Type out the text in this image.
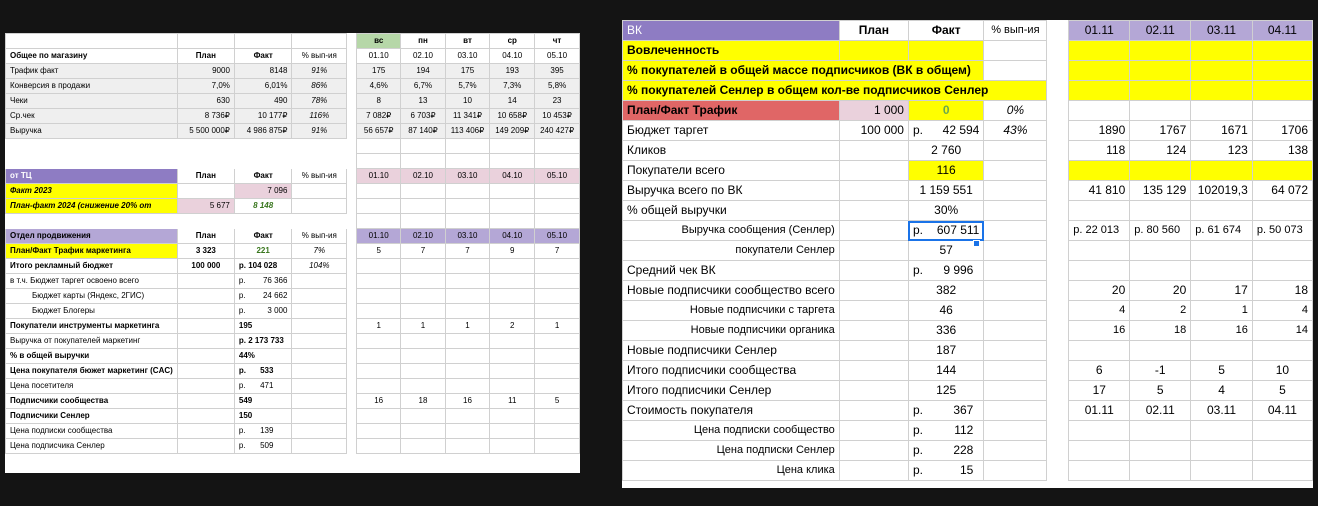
					вс	пн	вт	ср	чт
Общее по магазину	План	Факт	% вып-ия		01.10	02.10	03.10	04.10	05.10
Трафик факт	9000	8148	91%		175	194	175	193	395
Конверсия в продажи	7,0%	6,01%	86%		4,6%	6,7%	5,7%	7,3%	5,8%
Чеки	630	490	78%		8	13	10	14	23
Ср.чек	8 736₽	10 177₽	116%		7 082₽	6 703₽	11 341₽	10 658₽	10 453₽
Выручка	5 500 000₽	4 986 875₽	91%		56 657₽	87 140₽	113 406₽	149 209₽	240 427₽

от ТЦ	План	Факт	% вып-ия		01.10	02.10	03.10	04.10	05.10
Факт 2023		7 096							
План-факт 2024 (снижение 20% от	5 677	8 148							

Отдел продвижения	План	Факт	% вып-ия		01.10	02.10	03.10	04.10	05.10
План/Факт Трафик маркетинга	3 323	221	7%		5	7	7	9	7
Итого рекламный бюджет	100 000	р. 104 028	104%						
в т.ч. Бюджет таргет освоено всего		р. 76 366							

Бюджет карты (Яндекс, 2ГИС)		р. 24 662							

Бюджет Блогеры		р. 3 000							

Покупатели инструменты маркетинга		195			1	1	1	2	1
Выручка от покупателей маркетинг		р. 2 173 733							
% в общей выручки		44%							
Цена покупателя бюжет маркетинг (CAC)		р. 533							

Цена посетителя		р. 471							

Подписчики сообщества		549			16	18	16	11	5
Подписчики Сенлер		150							
Цена подписки сообщества		р. 139							

Цена подписчика Сенлер		р. 509							

ВК	План	Факт	% вып-ия		01.11	02.11	03.11	04.11
Вовлеченность								
% покупателей в общей массе подписчиков (ВК в общем)								
% покупателей Сенлер в общем кол-ве подписчиков Сенлер								
План/Факт Трафик	1 000	0	0%					
Бюджет таргет	100 000	р. 42 594	43%		1890	1767	1671	1706
Кликов		2 760			118	124	123	138
Покупатели всего		116						
Выручка всего по ВК		1 159 551			41 810	135 129	102019,3	64 072
% общей выручки		30%						
Выручка сообщения (Сенлер)		р. 607 511			р. 22 013	р. 80 560	р. 61 674	р. 50 073
покупатели Сенлер		57						
Средний чек ВК		р. 9 996						

Новые подписчики сообщество всего		382			20	20	17	18
Новые подписчики с таргета		46			4	2	1	4
Новые подписчики органика		336			16	18	16	14
Новые подписчики Сенлер		187						
Итого подписчики сообщества		144			6	-1	5	10
Итого подписчики Сенлер		125			17	5	4	5
Стоимость покупателя		р. 367			01.11	02.11	03.11	04.11
Цена подписки сообщество		р. 112						

Цена подписки Сенлер		р. 228						

Цена клика		р. 15						
